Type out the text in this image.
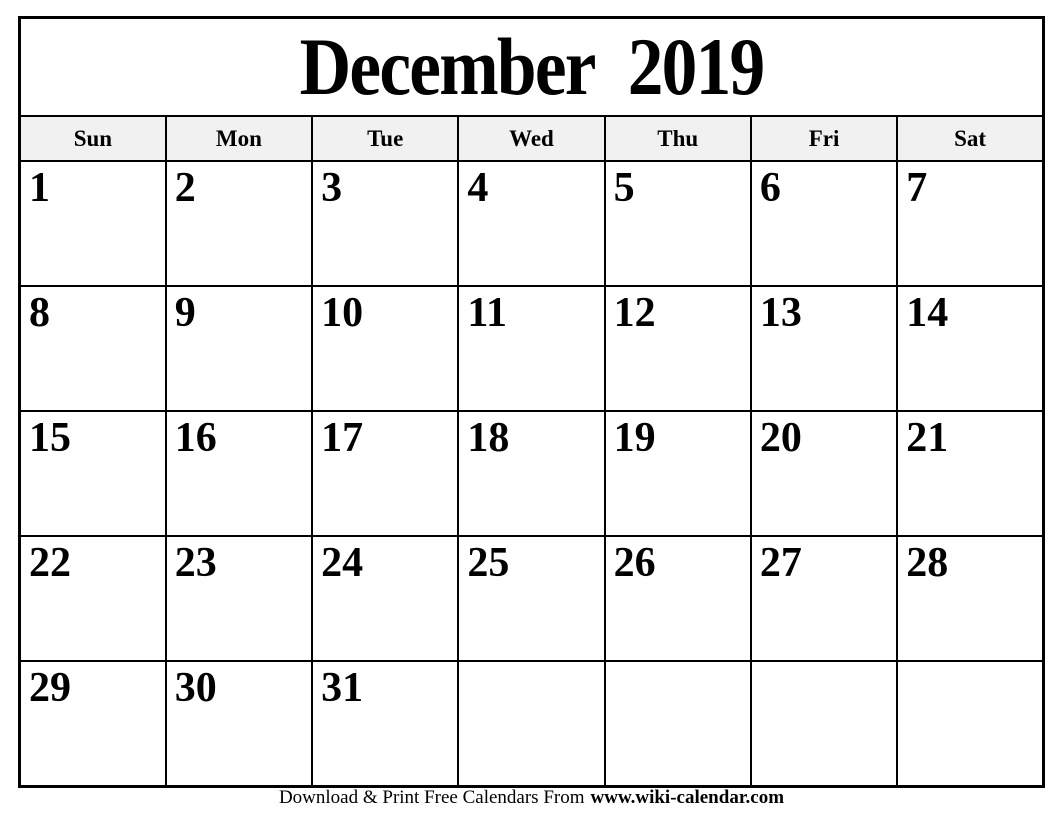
December 2019						
Sun	Mon	Tue	Wed	Thu	Fri	Sat

1	2	3	4	5	6	7

8	9	10	11	12	13	14

15	16	17	18	19	20	21

22	23	24	25	26	27	28

29	30	31				

Download & Print Free Calendars From www.wiki-calendar.com
